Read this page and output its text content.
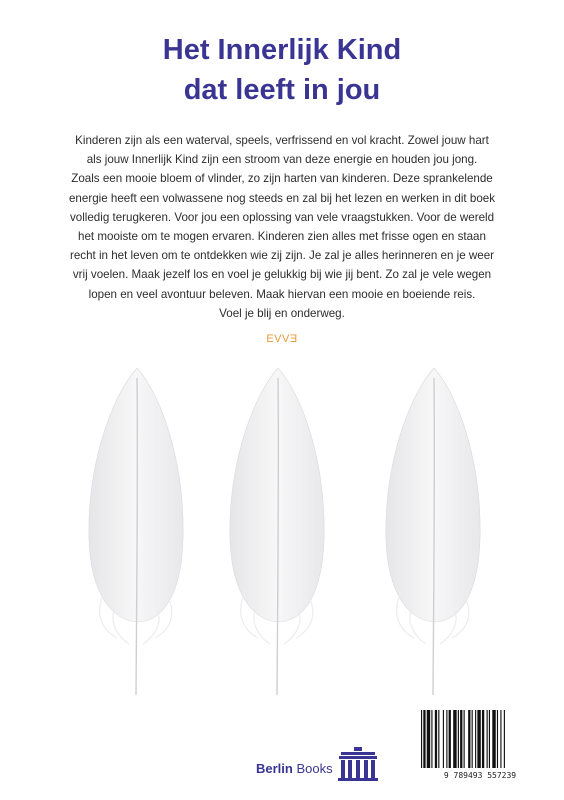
Het Innerlijk Kind
dat leeft in jou
Kinderen zijn als een waterval, speels, verfrissend en vol kracht. Zowel jouw hart
als jouw Innerlijk Kind zijn een stroom van deze energie en houden jou jong.
Zoals een mooie bloem of vlinder, zo zijn harten van kinderen. Deze sprankelende
energie heeft een volwassene nog steeds en zal bij het lezen en werken in dit boek
volledig terugkeren. Voor jou een oplossing van vele vraagstukken. Voor de wereld
het mooiste om te mogen ervaren. Kinderen zien alles met frisse ogen en staan
recht in het leven om te ontdekken wie zij zijn. Je zal je alles herinneren en je weer
vrij voelen. Maak jezelf los en voel je gelukkig bij wie jij bent. Zo zal je vele wegen
lopen en veel avontuur beleven. Maak hiervan een mooie en boeiende reis.
Voel je blij en onderweg.
EVVƎ
Berlin Books	9 789493 557239
